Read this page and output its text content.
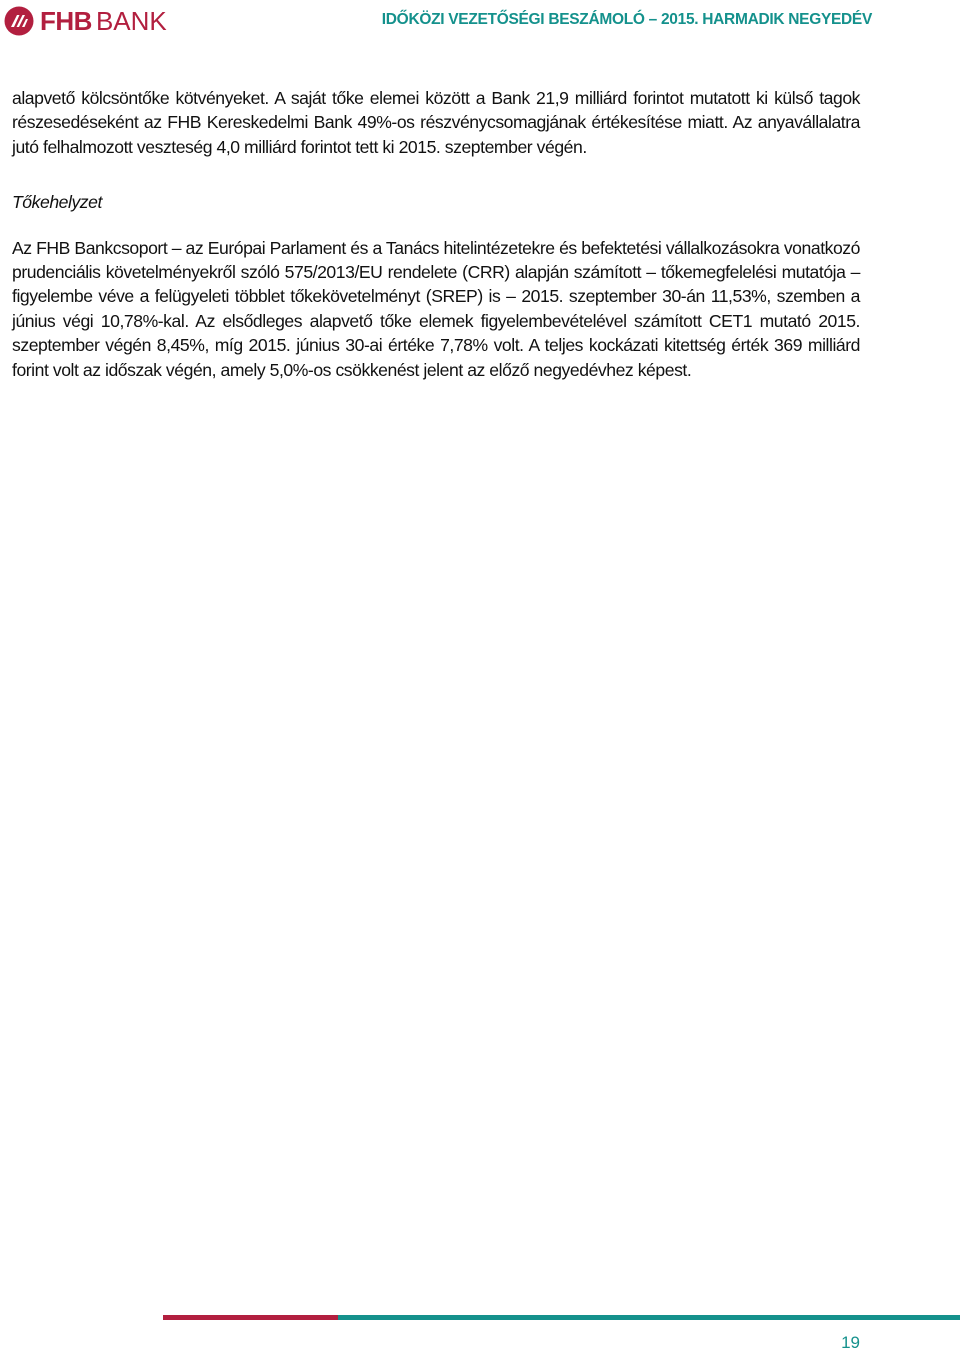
FHB BANK	IDŐKÖZI VEZETŐSÉGI BESZÁMOLÓ – 2015. HARMADIK NEGYEDÉV

alapvető kölcsöntőke kötvényeket. A saját tőke elemei között a Bank 21,9 milliárd forintot mutatott ki külső tagok részesedéseként az FHB Kereskedelmi Bank 49%-os részvénycsomagjának értékesítése miatt. Az anyavállalatra jutó felhalmozott veszteség 4,0 milliárd forintot tett ki 2015. szeptember végén.

Tőkehelyzet

Az FHB Bankcsoport – az Európai Parlament és a Tanács hitelintézetekre és befektetési vállalkozásokra vonatkozó prudenciális követelményekről szóló 575/2013/EU rendelete (CRR) alapján számított – tőkemegfelelési mutatója – figyelembe véve a felügyeleti többlet tőkekövetelményt (SREP) is – 2015. szeptember 30-án 11,53%, szemben a június végi 10,78%-kal. Az elsődleges alapvető tőke elemek figyelembevételével számított CET1 mutató 2015. szeptember végén 8,45%, míg 2015. június 30-ai értéke 7,78% volt. A teljes kockázati kitettség érték 369 milliárd forint volt az időszak végén, amely 5,0%-os csökkenést jelent az előző negyedévhez képest.

19
